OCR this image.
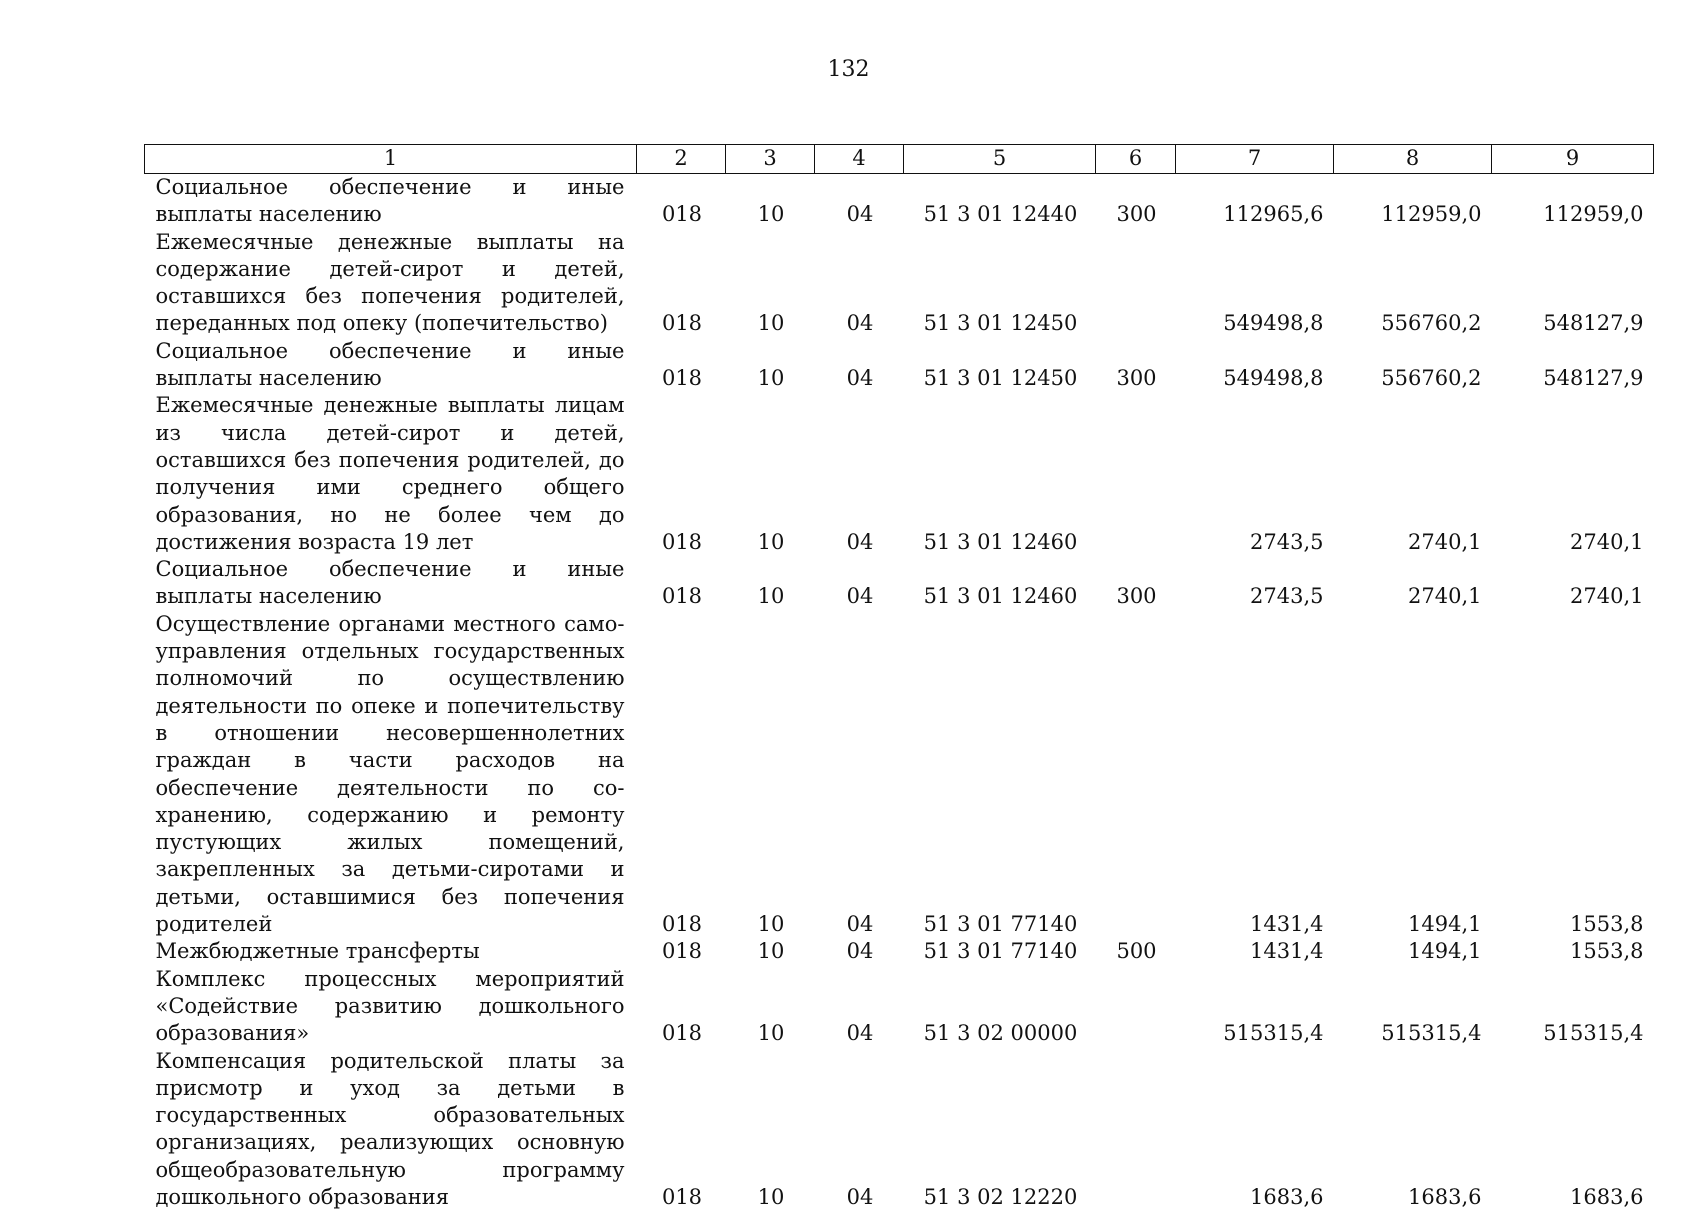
132
1	2	3	4	5	6	7	8	9
Социальное обеспечение и иные выплаты населению	018	10	04	51 3 01 12440	300	112965,6	112959,0	112959,0
Ежемесячные денежные выплаты на содержание детей-сирот и детей, оставшихся без попечения родителей, переданных под опеку (попечительство)	018	10	04	51 3 01 12450		549498,8	556760,2	548127,9
Социальное обеспечение и иные выплаты населению	018	10	04	51 3 01 12450	300	549498,8	556760,2	548127,9
Ежемесячные денежные выплаты лицам из числа детей-сирот и детей, оставшихся без попечения родителей, до получения ими среднего общего образования, но не более чем до достижения возраста 19 лет	018	10	04	51 3 01 12460		2743,5	2740,1	2740,1
Социальное обеспечение и иные выплаты населению	018	10	04	51 3 01 12460	300	2743,5	2740,1	2740,1
Осуществление органами местного самоуправления отдельных государственных полномочий по осуществлению деятельности по опеке и попечительству в отношении несовершеннолетних граждан в части расходов на обеспечение деятельности по сохранению, содержанию и ремонту пустующих жилых помещений, закрепленных за детьми-сиротами и детьми, оставшимися без попечения родителей	018	10	04	51 3 01 77140		1431,4	1494,1	1553,8
Межбюджетные трансферты	018	10	04	51 3 01 77140	500	1431,4	1494,1	1553,8
Комплекс процессных мероприятий «Содействие развитию дошкольного образования»	018	10	04	51 3 02 00000		515315,4	515315,4	515315,4
Компенсация родительской платы за присмотр и уход за детьми в государственных образовательных организациях, реализующих основную общеобразовательную программу дошкольного образования	018	10	04	51 3 02 12220		1683,6	1683,6	1683,6
